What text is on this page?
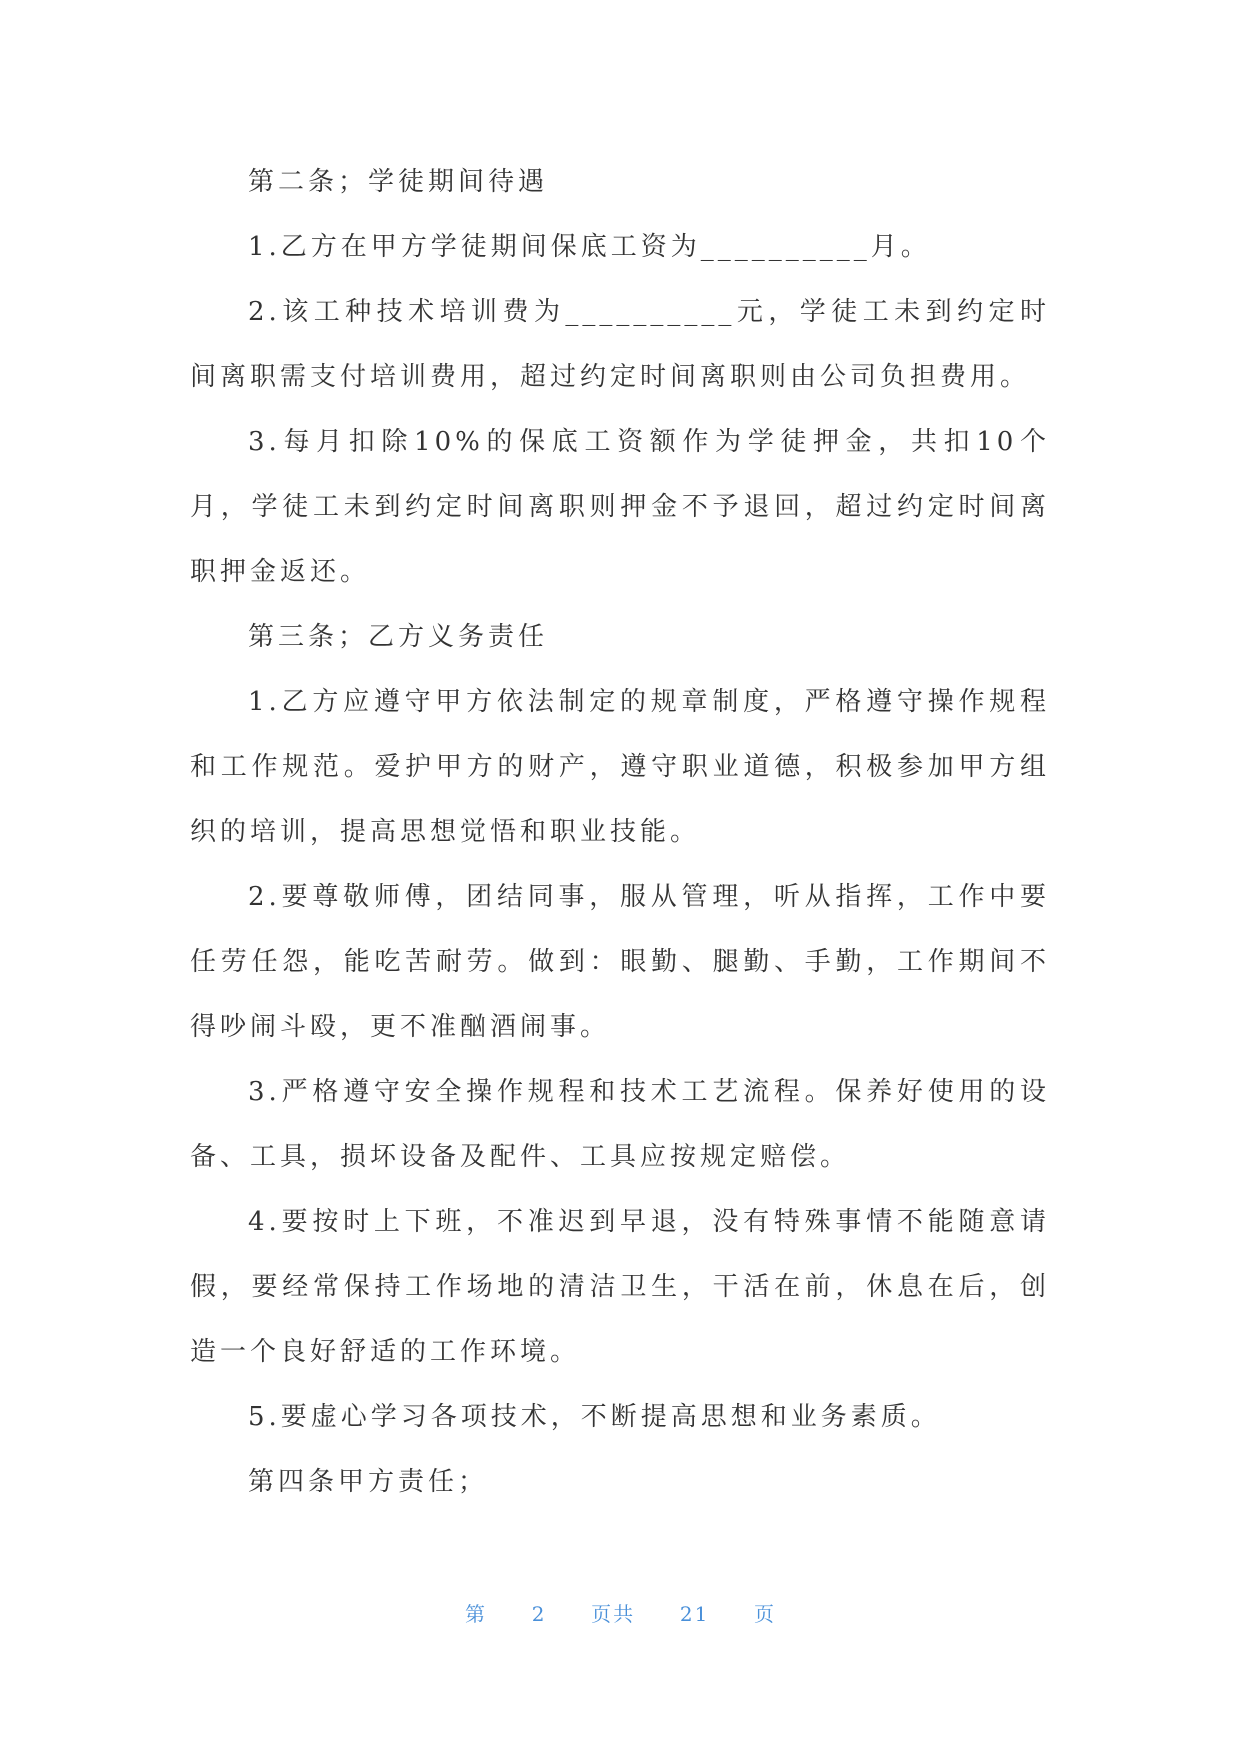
第二条；学徒期间待遇

1.乙方在甲方学徒期间保底工资为__________月。

2.该工种技术培训费为__________元，学徒工未到约定时间离职需支付培训费用，超过约定时间离职则由公司负担费用。

3.每月扣除10%的保底工资额作为学徒押金，共扣10个月，学徒工未到约定时间离职则押金不予退回，超过约定时间离职押金返还。

第三条；乙方义务责任

1.乙方应遵守甲方依法制定的规章制度，严格遵守操作规程和工作规范。爱护甲方的财产，遵守职业道德，积极参加甲方组织的培训，提高思想觉悟和职业技能。

2.要尊敬师傅，团结同事，服从管理，听从指挥，工作中要任劳任怨，能吃苦耐劳。做到：眼勤、腿勤、手勤，工作期间不得吵闹斗殴，更不准酗酒闹事。

3.严格遵守安全操作规程和技术工艺流程。保养好使用的设备、工具，损坏设备及配件、工具应按规定赔偿。

4.要按时上下班，不准迟到早退，没有特殊事情不能随意请假，要经常保持工作场地的清洁卫生，干活在前，休息在后，创造一个良好舒适的工作环境。

5.要虚心学习各项技术，不断提高思想和业务素质。

第四条甲方责任；

第 2 页共 21 页
